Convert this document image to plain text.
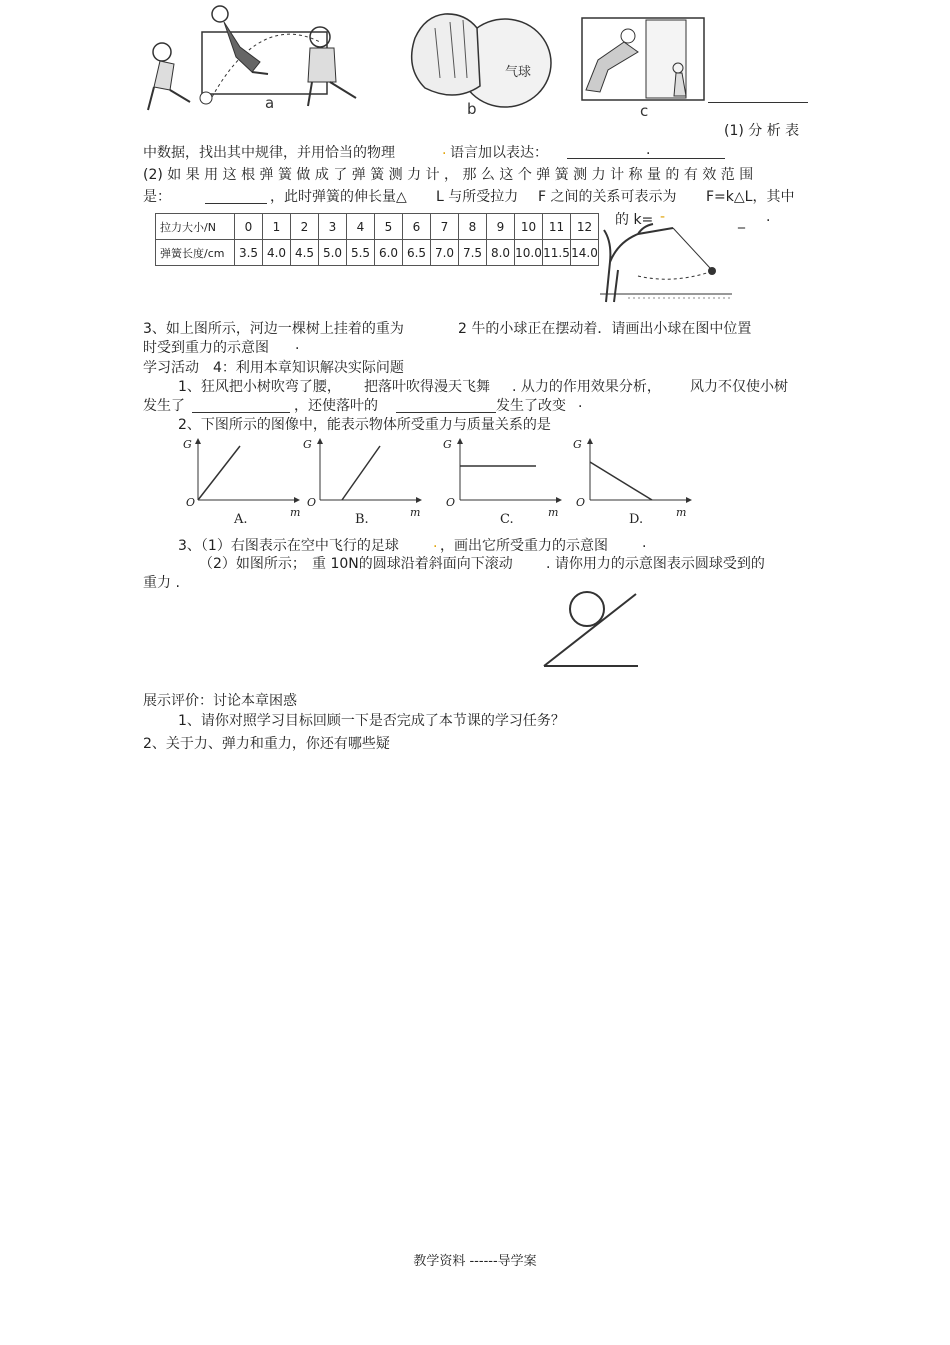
a
气球
b	c
(1) 分 析 表
中数据，找出其中规律，并用恰当的物理	. 语言加以表达：	.
(2) 如 果 用 这 根 弹 簧 做 成 了 弹 簧 测 力 计 ， 那 么 这 个 弹 簧 测 力 计 称 量 的 有 效 范 围
是：	，此时弹簧的伸长量△ L 与所受拉力 F 之间的关系可表示为 F=k△L，其中
的 k= -	_ .
拉力大小/N	0	1	2	3	4	5	6	7	8	9	10	11	12
弹簧长度/cm	3.5	4.0	4.5	5.0	5.5	6.0	6.5	7.0	7.5	8.0	10.0	11.5	14.0
3、如上图所示，河边一棵树上挂着的重为	2 牛的小球正在摆动着．请画出小球在图中位置
时受到重力的示意图 .
学习活动　4：利用本章知识解决实际问题
1、狂风把小树吹弯了腰， 把落叶吹得漫天飞舞 . 从力的作用效果分析， 风力不仅使小树
发生了	，还使落叶的	发生了改变 .
2、下图所示的图像中，能表示物体所受重力与质量关系的是
G
O
m
A.
G
O
m
B.
G
O
m
C.
G
O
m
D.
3、（1）右图表示在空中飞行的足球 . ，画出它所受重力的示意图 .
（2）如图所示； 重 10N的圆球沿着斜面向下滚动 . 请你用力的示意图表示圆球受到的
重力 .
展示评价：讨论本章困惑
1、请你对照学习目标回顾一下是否完成了本节课的学习任务？
2、关于力、弹力和重力，你还有哪些疑
教学资料 ------导学案
